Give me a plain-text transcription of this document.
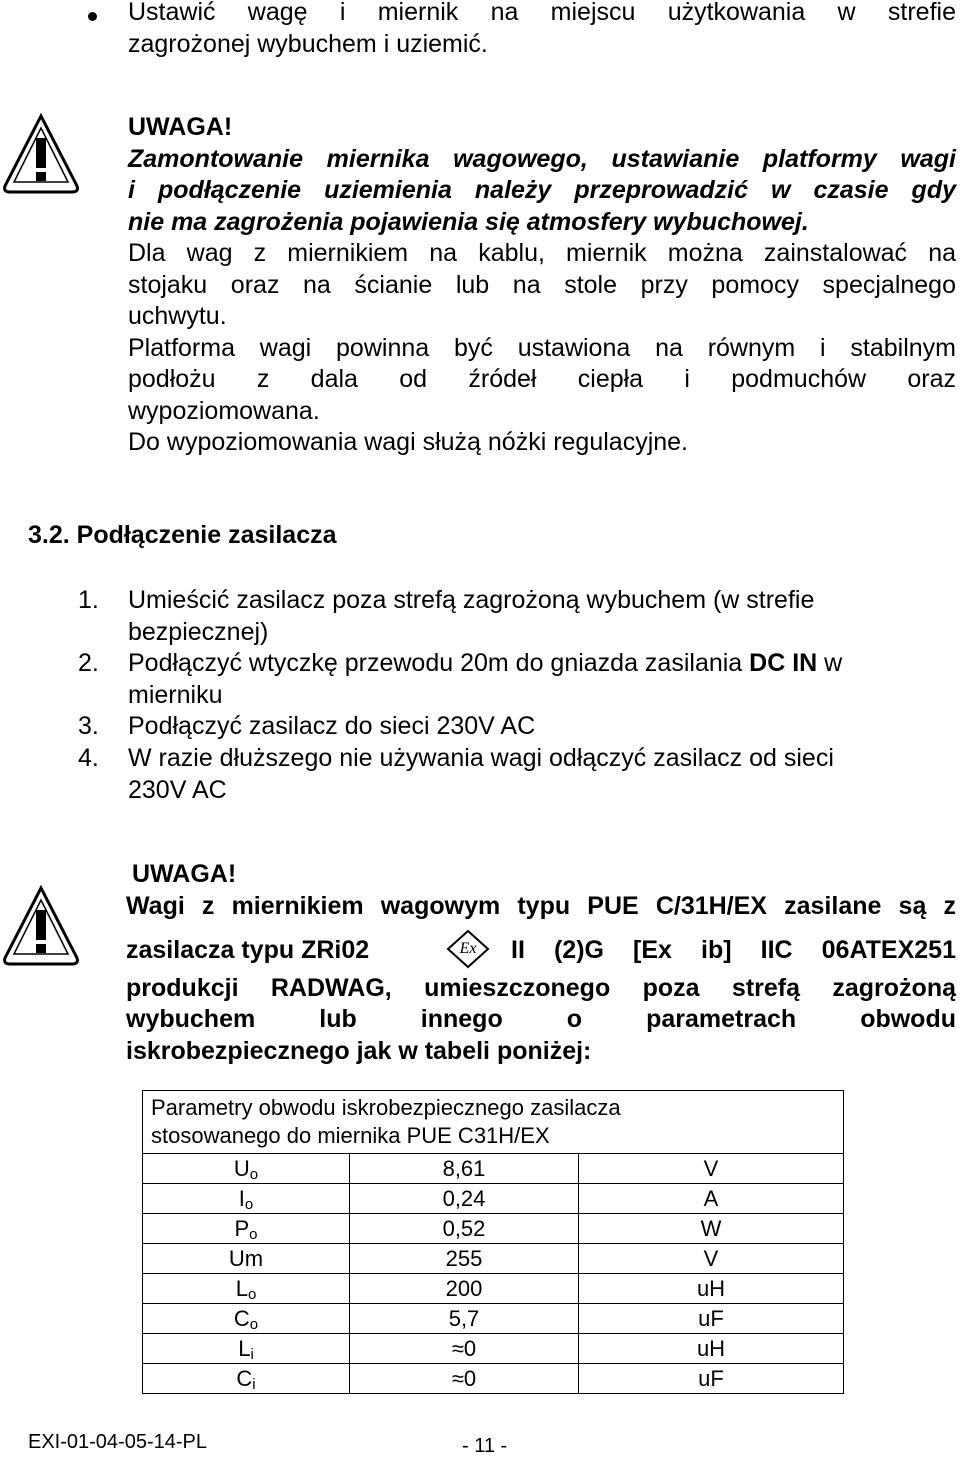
Ustawić wagę i miernik na miejscu użytkowania w strefie
zagrożonej wybuchem i uziemić.
UWAGA!
Zamontowanie miernika wagowego, ustawianie platformy wagi
i podłączenie uziemienia należy przeprowadzić w czasie gdy
nie ma zagrożenia pojawienia się atmosfery wybuchowej.
Dla wag z miernikiem na kablu, miernik można zainstalować na
stojaku oraz na ścianie lub na stole przy pomocy specjalnego
uchwytu.
Platforma wagi powinna być ustawiona na równym i stabilnym
podłożu z dala od źródeł ciepła i podmuchów oraz
wypoziomowana.
Do wypoziomowania wagi służą nóżki regulacyjne.
3.2. Podłączenie zasilacza
1. Umieścić zasilacz poza strefą zagrożoną wybuchem (w strefie
bezpiecznej)
2. Podłączyć wtyczkę przewodu 20m do gniazda zasilania DC IN w
mierniku
3. Podłączyć zasilacz do sieci 230V AC
4. W razie dłuższego nie używania wagi odłączyć zasilacz od sieci
230V AC
UWAGA!
Wagi z miernikiem wagowym typu PUE C/31H/EX zasilane są z
zasilacza typu ZRi02	Ex II (2)G [Ex ib] IIC 06ATEX251
produkcji RADWAG, umieszczonego poza strefą zagrożoną
wybuchem lub innego o parametrach obwodu
iskrobezpiecznego jak w tabeli poniżej:
Parametry obwodu iskrobezpiecznego zasilacza
stosowanego do miernika PUE C31H/EX		

$U_o$	8,61	V
$I_o$	0,24	A
$P_o$	0,52	W
Um	255	V
$L_o$	200	uH
$C_o$	5,7	uF
$L_i$	≈0	uH
$C_i$	≈0	uF
EXI-01-04-05-14-PL	- 11 -
